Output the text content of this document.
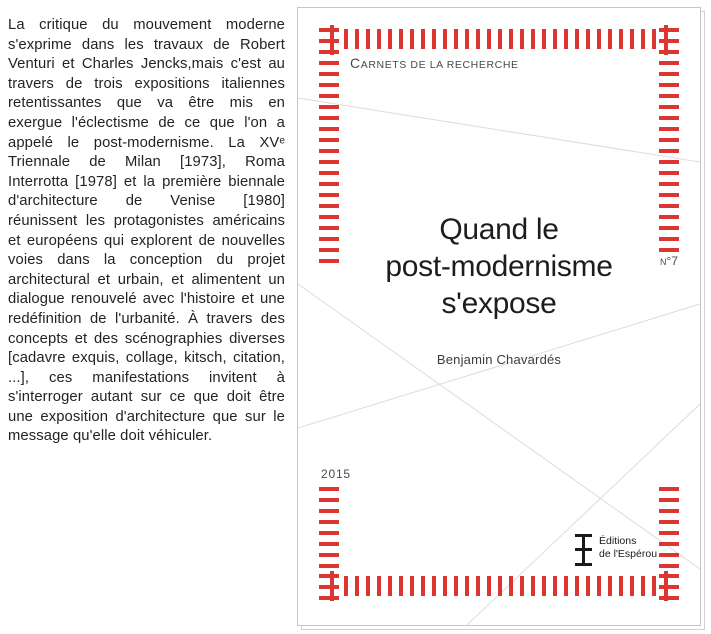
La critique du mouvement moderne s'exprime dans les travaux de Robert Venturi et Charles Jencks,mais c'est au travers de trois expositions italiennes retentissantes que va être mis en exergue l'éclectisme de ce que l'on a appelé le post-modernisme. La XVᵉ Triennale de Milan [1973], Roma Interrotta [1978] et la première biennale d'architecture de Venise [1980] réunissent les protagonistes américains et européens qui explorent de nouvelles voies dans la conception du projet architectural et urbain, et alimentent un dialogue renouvelé avec l'histoire et une redéfinition de l'urbanité. À travers des concepts et des scénographies diverses [cadavre exquis, collage, kitsch, citation, ...], ces manifestations invitent à s'interroger autant sur ce que doit être une exposition d'architecture que sur le message qu'elle doit véhiculer.
CARNETS DE LA RECHERCHE
N°7
Quand le
post-modernisme
s'expose
Benjamin Chavardés
2015
Éditions
de l'Espérou
